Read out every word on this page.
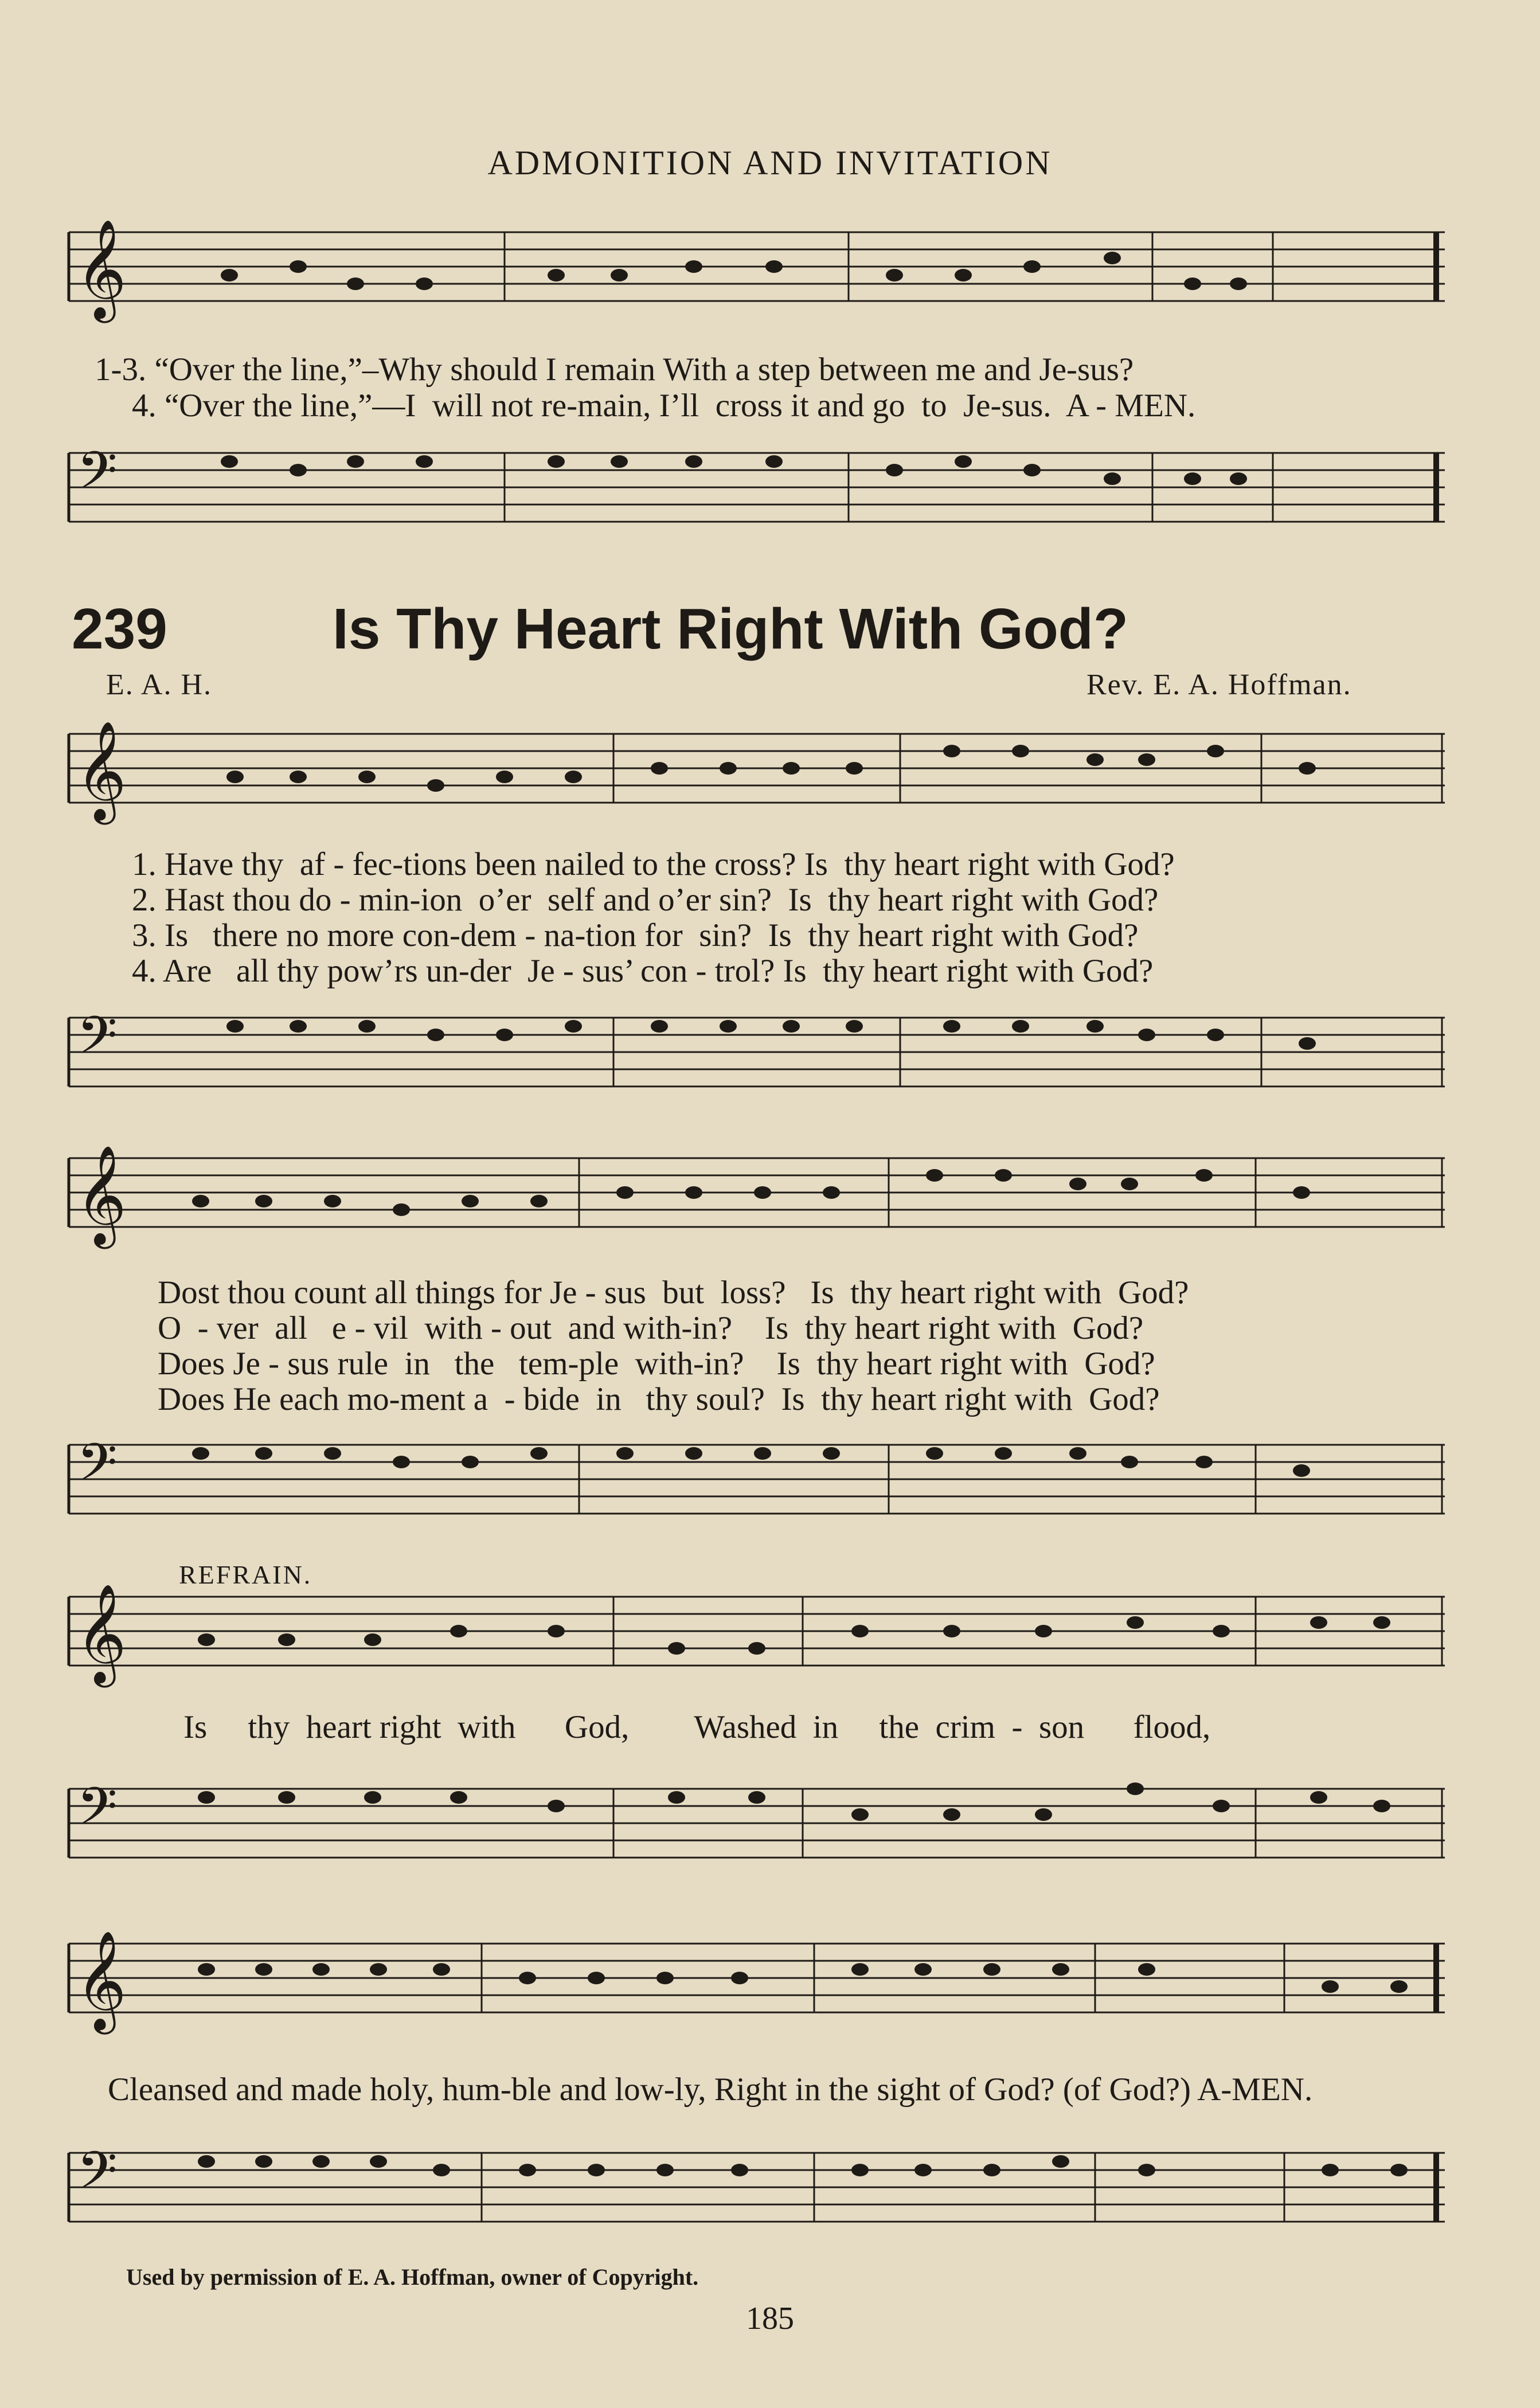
ADMONITION AND INVITATION
𝄞
1-3. “Over the line,”–Why should I remain With a step between me and Je-sus?
4. “Over the line,”—I  will not re-main, I’ll  cross it and go  to  Je-sus.  A - MEN.
𝄢
239	Is Thy Heart Right With God?
E. A. H.	Rev. E. A. Hoffman.
𝄞
1. Have thy  af - fec-tions been nailed to the cross? Is  thy heart right with God?
2. Hast thou do - min-ion  o’er  self and o’er sin?  Is  thy heart right with God?
3. Is   there no more con-dem - na-tion for  sin?  Is  thy heart right with God?
4. Are   all thy pow’rs un-der  Je - sus’ con - trol? Is  thy heart right with God?
𝄢
𝄞
Dost thou count all things for Je - sus  but  loss?   Is  thy heart right with  God?
O  - ver  all   e - vil  with - out  and with-in?    Is  thy heart right with  God?
Does Je - sus rule  in   the   tem-ple  with-in?    Is  thy heart right with  God?
Does He each mo-ment a  - bide  in   thy soul?  Is  thy heart right with  God?
𝄢
REFRAIN.
𝄞
Is     thy  heart right  with      God,        Washed  in     the  crim  -  son      flood,
𝄢
𝄞
Cleansed and made holy, hum-ble and low-ly, Right in the sight of God? (of God?) A-MEN.
𝄢
Used by permission of E. A. Hoffman, owner of Copyright.
185
